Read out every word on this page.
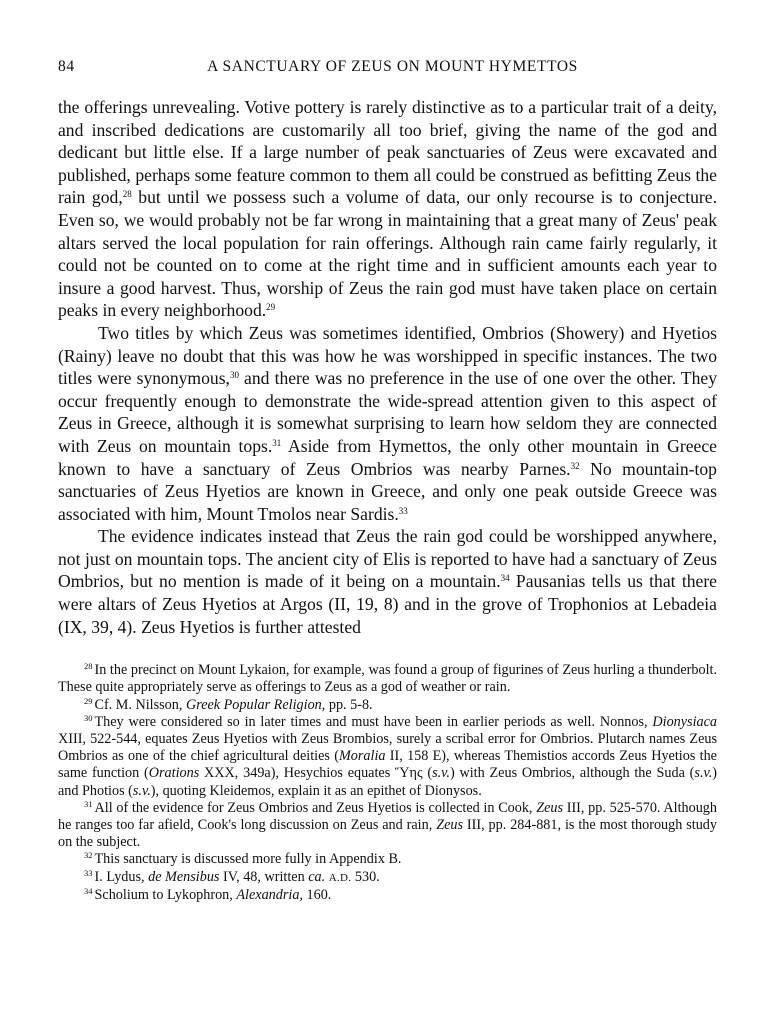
84	A SANCTUARY OF ZEUS ON MOUNT HYMETTOS

the offerings unrevealing. Votive pottery is rarely distinctive as to a particular trait of a deity, and inscribed dedications are customarily all too brief, giving the name of the god and dedicant but little else. If a large number of peak sanctuaries of Zeus were excavated and published, perhaps some feature common to them all could be construed as befitting Zeus the rain god,$^{28}$ but until we possess such a volume of data, our only recourse is to conjecture. Even so, we would probably not be far wrong in maintaining that a great many of Zeus' peak altars served the local population for rain offerings. Although rain came fairly regularly, it could not be counted on to come at the right time and in sufficient amounts each year to insure a good harvest. Thus, worship of Zeus the rain god must have taken place on certain peaks in every neighborhood.$^{29}$

Two titles by which Zeus was sometimes identified, Ombrios (Showery) and Hyetios (Rainy) leave no doubt that this was how he was worshipped in specific instances. The two titles were synonymous,$^{30}$ and there was no preference in the use of one over the other. They occur frequently enough to demonstrate the wide-spread attention given to this aspect of Zeus in Greece, although it is somewhat surprising to learn how seldom they are connected with Zeus on mountain tops.$^{31}$ Aside from Hymettos, the only other mountain in Greece known to have a sanctuary of Zeus Ombrios was nearby Parnes.$^{32}$ No mountain-top sanctuaries of Zeus Hyetios are known in Greece, and only one peak outside Greece was associated with him, Mount Tmolos near Sardis.$^{33}$

The evidence indicates instead that Zeus the rain god could be worshipped anywhere, not just on mountain tops. The ancient city of Elis is reported to have had a sanctuary of Zeus Ombrios, but no mention is made of it being on a mountain.$^{34}$ Pausanias tells us that there were altars of Zeus Hyetios at Argos (II, 19, 8) and in the grove of Trophonios at Lebadeia (IX, 39, 4). Zeus Hyetios is further attested

$^{28}$ In the precinct on Mount Lykaion, for example, was found a group of figurines of Zeus hurling a thunderbolt. These quite appropriately serve as offerings to Zeus as a god of weather or rain.

$^{29}$ Cf. M. Nilsson, Greek Popular Religion, pp. 5-8.

$^{30}$ They were considered so in later times and must have been in earlier periods as well. Nonnos, Dionysiaca XIII, 522-544, equates Zeus Hyetios with Zeus Brombios, surely a scribal error for Ombrios. Plutarch names Zeus Ombrios as one of the chief agricultural deities (Moralia II, 158 E), whereas Themistios accords Zeus Hyetios the same function (Orations XXX, 349a), Hesychios equates Ὕης (s.v.) with Zeus Ombrios, although the Suda (s.v.) and Photios (s.v.), quoting Kleidemos, explain it as an epithet of Dionysos.

$^{31}$ All of the evidence for Zeus Ombrios and Zeus Hyetios is collected in Cook, Zeus III, pp. 525-570. Although he ranges too far afield, Cook's long discussion on Zeus and rain, Zeus III, pp. 284-881, is the most thorough study on the subject.

$^{32}$ This sanctuary is discussed more fully in Appendix B.

$^{33}$ I. Lydus, de Mensibus IV, 48, written ca. A.D. 530.

$^{34}$ Scholium to Lykophron, Alexandria, 160.
